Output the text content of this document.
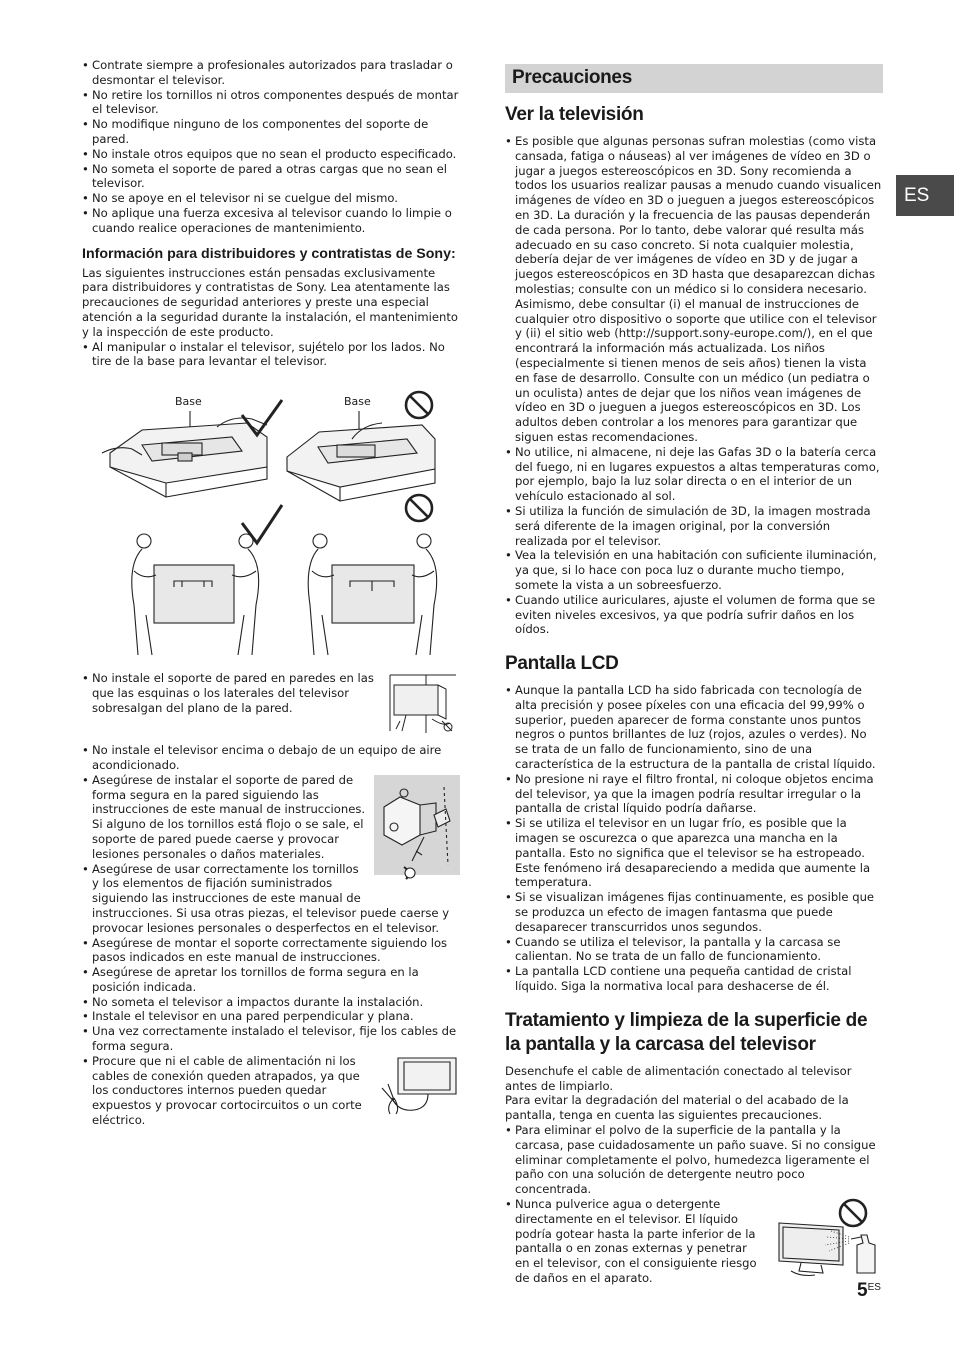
• Contrate siempre a profesionales autorizados para trasladar o desmontar el televisor.
• No retire los tornillos ni otros componentes después de montar el televisor.
• No modifique ninguno de los componentes del soporte de pared.
• No instale otros equipos que no sean el producto especificado.
• No someta el soporte de pared a otras cargas que no sean el televisor.
• No se apoye en el televisor ni se cuelgue del mismo.
• No aplique una fuerza excesiva al televisor cuando lo limpie o cuando realice operaciones de mantenimiento.
Información para distribuidores y contratistas de Sony:

Las siguientes instrucciones están pensadas exclusivamente para distribuidores y contratistas de Sony. Lea atentamente las precauciones de seguridad anteriores y preste una especial atención a la seguridad durante la instalación, el mantenimiento y la inspección de este producto.

• Al manipular o instalar el televisor, sujételo por los lados. No tire de la base para levantar el televisor.
Base	Base
• No instale el soporte de pared en paredes en las que las esquinas o los laterales del televisor sobresalgan del plano de la pared.
• No instale el televisor encima o debajo de un equipo de aire acondicionado.
• Asegúrese de instalar el soporte de pared de forma segura en la pared siguiendo las instrucciones de este manual de instrucciones. Si alguno de los tornillos está flojo o se sale, el soporte de pared puede caerse y provocar lesiones personales o daños materiales.
• Asegúrese de usar correctamente los tornillos y los elementos de fijación suministrados siguiendo las instrucciones de este manual de instrucciones. Si usa otras piezas, el televisor puede caerse y provocar lesiones personales o desperfectos en el televisor.
• Asegúrese de montar el soporte correctamente siguiendo los pasos indicados en este manual de instrucciones.
• Asegúrese de apretar los tornillos de forma segura en la posición indicada.
• No someta el televisor a impactos durante la instalación.
• Instale el televisor en una pared perpendicular y plana.
• Una vez correctamente instalado el televisor, fije los cables de forma segura.
• Procure que ni el cable de alimentación ni los cables de conexión queden atrapados, ya que los conductores internos pueden quedar expuestos y provocar cortocircuitos o un corte eléctrico.
Precauciones
Ver la televisión
• Es posible que algunas personas sufran molestias (como vista cansada, fatiga o náuseas) al ver imágenes de vídeo en 3D o jugar a juegos estereoscópicos en 3D. Sony recomienda a todos los usuarios realizar pausas a menudo cuando visualicen imágenes de vídeo en 3D o jueguen a juegos estereoscópicos en 3D. La duración y la frecuencia de las pausas dependerán de cada persona. Por lo tanto, debe valorar qué resulta más adecuado en su caso concreto. Si nota cualquier molestia, debería dejar de ver imágenes de vídeo en 3D y de jugar a juegos estereoscópicos en 3D hasta que desaparezcan dichas molestias; consulte con un médico si lo considera necesario. Asimismo, debe consultar (i) el manual de instrucciones de cualquier otro dispositivo o soporte que utilice con el televisor y (ii) el sitio web (http://support.sony-europe.com/), en el que encontrará la información más actualizada. Los niños (especialmente si tienen menos de seis años) tienen la vista en fase de desarrollo. Consulte con un médico (un pediatra o un oculista) antes de dejar que los niños vean imágenes de vídeo en 3D o jueguen a juegos estereoscópicos en 3D. Los adultos deben controlar a los menores para garantizar que siguen estas recomendaciones.
• No utilice, ni almacene, ni deje las Gafas 3D o la batería cerca del fuego, ni en lugares expuestos a altas temperaturas como, por ejemplo, bajo la luz solar directa o en el interior de un vehículo estacionado al sol.
• Si utiliza la función de simulación de 3D, la imagen mostrada será diferente de la imagen original, por la conversión realizada por el televisor.
• Vea la televisión en una habitación con suficiente iluminación, ya que, si lo hace con poca luz o durante mucho tiempo, somete la vista a un sobreesfuerzo.
• Cuando utilice auriculares, ajuste el volumen de forma que se eviten niveles excesivos, ya que podría sufrir daños en los oídos.
Pantalla LCD
• Aunque la pantalla LCD ha sido fabricada con tecnología de alta precisión y posee píxeles con una eficacia del 99,99% o superior, pueden aparecer de forma constante unos puntos negros o puntos brillantes de luz (rojos, azules o verdes). No se trata de un fallo de funcionamiento, sino de una característica de la estructura de la pantalla de cristal líquido.
• No presione ni raye el filtro frontal, ni coloque objetos encima del televisor, ya que la imagen podría resultar irregular o la pantalla de cristal líquido podría dañarse.
• Si se utiliza el televisor en un lugar frío, es posible que la imagen se oscurezca o que aparezca una mancha en la pantalla. Esto no significa que el televisor se ha estropeado. Este fenómeno irá desapareciendo a medida que aumente la temperatura.
• Si se visualizan imágenes fijas continuamente, es posible que se produzca un efecto de imagen fantasma que puede desaparecer transcurridos unos segundos.
• Cuando se utiliza el televisor, la pantalla y la carcasa se calientan. No se trata de un fallo de funcionamiento.
• La pantalla LCD contiene una pequeña cantidad de cristal líquido. Siga la normativa local para deshacerse de él.
Tratamiento y limpieza de la superficie de la pantalla y la carcasa del televisor

Desenchufe el cable de alimentación conectado al televisor antes de limpiarlo.

Para evitar la degradación del material o del acabado de la pantalla, tenga en cuenta las siguientes precauciones.

• Para eliminar el polvo de la superficie de la pantalla y la carcasa, pase cuidadosamente un paño suave. Si no consigue eliminar completamente el polvo, humedezca ligeramente el paño con una solución de detergente neutro poco concentrada.
• Nunca pulverice agua o detergente directamente en el televisor. El líquido podría gotear hasta la parte inferior de la pantalla o en zonas externas y penetrar en el televisor, con el consiguiente riesgo de daños en el aparato.
ES
$5^{ES}$
